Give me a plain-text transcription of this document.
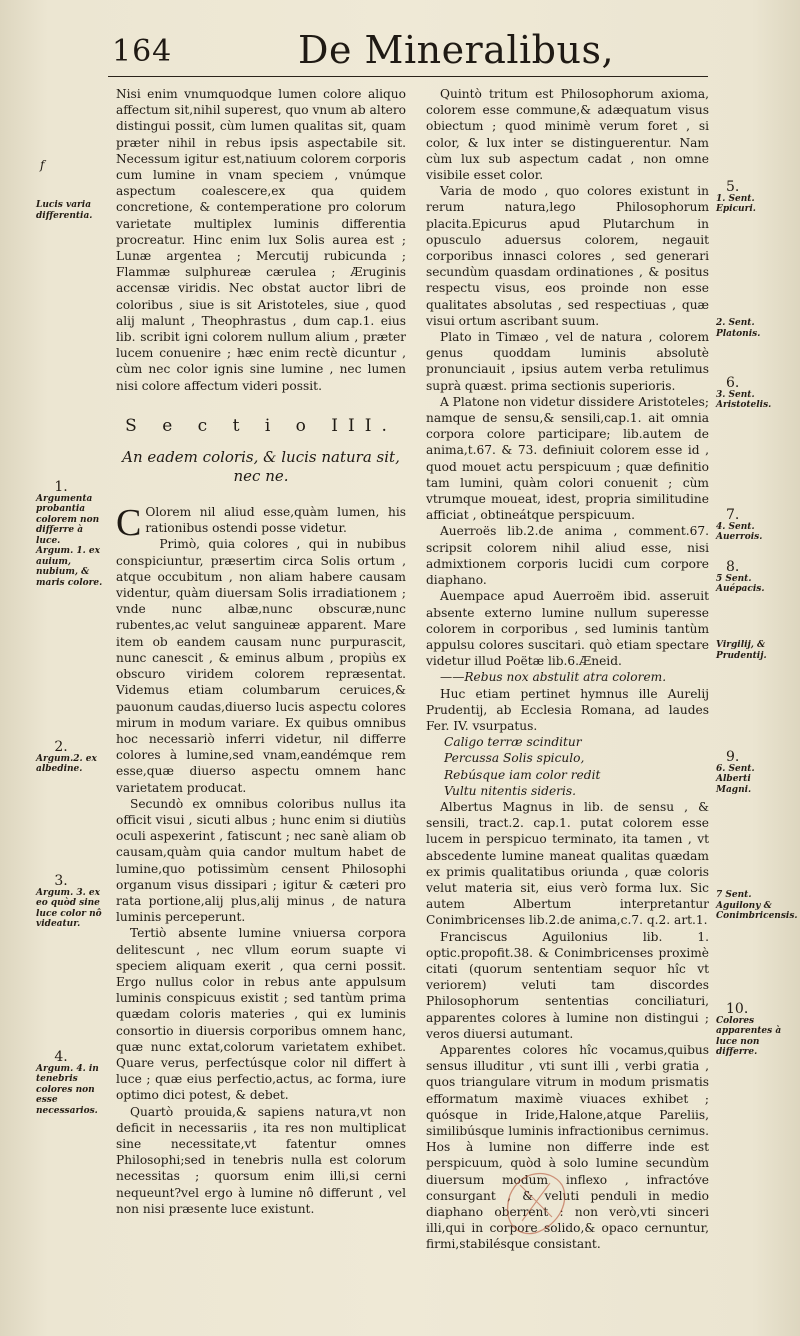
164	De Mineralibus,
f
Lucis varia differentia.
1.
Argumenta probantia colorem non differre à luce.
Argum. 1. ex auium, nubium, & maris colore.
2.
Argum.2. ex albedine.
3.
Argum. 3. ex eo quòd sine luce color nô videatur.
4.
Argum. 4. in tenebris colores non esse necessarios.

Nisi enim vnumquodque lumen colore aliquo affectum sit,nihil superest, quo vnum ab altero distingui possit, cùm lumen qualitas sit, quam præter nihil in rebus ipsis aspectabile sit. Necessum igitur est,natiuum colorem corporis cum lumine in vnam speciem , vnúmque aspectum coalescere,ex qua quidem concretione, & contemperatione pro colorum varietate multiplex luminis differentia procreatur. Hinc enim lux Solis aurea est ; Lunæ argentea ; Mercutij rubicunda ; Flammæ sulphureæ cærulea ; Æruginis accensæ viridis. Nec obstat auctor libri de coloribus , siue is sit Aristoteles, siue , quod alij malunt , Theophrastus , dum cap.1. eius lib. scribit igni colorem nullum alium , præter lucem conuenire ; hæc enim rectè dicuntur , cùm nec color ignis sine lumine , nec lumen nisi colore affectum videri possit.

S e c t i o III.
An eadem coloris, & lucis natura sit, nec ne.

C Olorem nil aliud esse,quàm lumen, his rationibus ostendi posse videtur.

Primò, quia colores , qui in nubibus conspiciuntur, præsertim circa Solis ortum , atque occubitum , non aliam habere causam videntur, quàm diuersam Solis irradiationem ; vnde nunc albæ,nunc obscuræ,nunc rubentes,ac velut sanguineæ apparent. Mare item ob eandem causam nunc purpurascit, nunc canescit , & eminus album , propiùs ex obscuro viridem colorem repræsentat. Videmus etiam columbarum ceruices,& pauonum caudas,diuerso lucis aspectu colores mirum in modum variare. Ex quibus omnibus hoc necessariò inferri videtur, nil differre colores à lumine,sed vnam,eandémque rem esse,quæ diuerso aspectu omnem hanc varietatem producat.

Secundò ex omnibus coloribus nullus ita officit visui , sicuti albus ; hunc enim si diutiùs oculi aspexerint , fatiscunt ; nec sanè aliam ob causam,quàm quia candor multum habet de lumine,quo potissimùm censent Philosophi organum visus dissipari ; igitur & cæteri pro rata portione,alij plus,alij minus , de natura luminis perceperunt.

Tertiò absente lumine vniuersa corpora delitescunt , nec vllum eorum suapte vi speciem aliquam exerit , qua cerni possit. Ergo nullus color in rebus ante appulsum luminis conspicuus existit ; sed tantùm prima quædam coloris materies , qui ex luminis consortio in diuersis corporibus omnem hanc, quæ nunc extat,colorum varietatem exhibet. Quare verus, perfectúsque color nil differt à luce ; quæ eius perfectio,actus, ac forma, iure optimo dici potest, & debet.

Quartò prouida,& sapiens natura,vt non deficit in necessariis , ita res non multiplicat sine necessitate,vt fatentur omnes Philosophi;sed in tenebris nulla est colorum necessitas ; quorsum enim illi,si cerni nequeunt?vel ergo à lumine nô differunt , vel non nisi præsente luce existunt.

Quintò tritum est Philosophorum axioma, colorem esse commune,& adæquatum visus obiectum ; quod minimè verum foret , si color, & lux inter se distinguerentur. Nam cùm lux sub aspectum cadat , non omne visibile esset color.

Varia de modo , quo colores existunt in rerum natura,lego Philosophorum placita.Epicurus apud Plutarchum in opusculo aduersus colorem, negauit corporibus innasci colores , sed generari secundùm quasdam ordinationes , & positus respectu visus, eos proinde non esse qualitates absolutas , sed respectiuas , quæ visui ortum ascribant suum.

Plato in Timæo , vel de natura , colorem genus quoddam luminis absolutè pronunciauit , ipsius autem verba retulimus suprà quæst. prima sectionis superioris.

A Platone non videtur dissidere Aristoteles; namque de sensu,& sensili,cap.1. ait omnia corpora colore participare; lib.autem de anima,t.67. & 73. definiuit colorem esse id , quod mouet actu perspicuum ; quæ definitio tam lumini, quàm colori conuenit ; cùm vtrumque moueat, idest, propria similitudine afficiat , obtineátque perspicuum.

Auerroës lib.2.de anima , comment.67. scripsit colorem nihil aliud esse, nisi admixtionem corporis lucidi cum corpore diaphano.

Auempace apud Auerroëm ibid. asseruit absente externo lumine nullum superesse colorem in corporibus , sed luminis tantùm appulsu colores suscitari. quò etiam spectare videtur illud Poëtæ lib.6.Æneid.

——Rebus nox abstulit atra colorem.

Huc etiam pertinet hymnus ille Aurelij Prudentij, ab Ecclesia Romana, ad laudes Fer. IV. vsurpatus.

Caligo terræ scinditur

Percussa Solis spiculo,

Rebúsque iam color redit

Vultu nitentis sideris.

Albertus Magnus in lib. de sensu , & sensili, tract.2. cap.1. putat colorem esse lucem in perspicuo terminato, ita tamen , vt abscedente lumine maneat qualitas quædam ex primis qualitatibus oriunda , quæ coloris velut materia sit, eius verò forma lux. Sic autem Albertum interpretantur Conimbricenses lib.2.de anima,c.7. q.2. art.1.

Franciscus Aguilonius lib. 1. optic.propofit.38. & Conimbricenses proximè citati (quorum sententiam sequor hîc vt veriorem) veluti tam discordes Philosophorum sententias conciliaturi, apparentes colores à lumine non distingui ; veros diuersi autumant.

Apparentes colores hîc vocamus,quibus sensus illuditur , vti sunt illi , verbi gratia , quos triangulare vitrum in modum prismatis efformatum maximè viuaces exhibet ; quósque in Iride,Halone,atque Pareliis, similibúsque luminis infractionibus cernimus. Hos à lumine non differre inde est perspicuum, quòd à solo lumine secundùm diuersum modum inflexo , infractóve consurgant , & veluti penduli in medio diaphano oberrent : non verò,vti sinceri illi,qui in corpore solido,& opaco cernuntur, firmi,stabilésque consistant.

5.
1. Sent. Epicuri.
2. Sent. Platonis.
6.
3. Sent. Aristotelis.
7.
4. Sent. Auerrois.
8.
5 Sent. Auépacis.
Virgilij, & Prudentij.
9.
6. Sent. Alberti Magni.
7 Sent. Aguilony & Conimbricensis.
10.
Colores apparentes à luce non differre.
